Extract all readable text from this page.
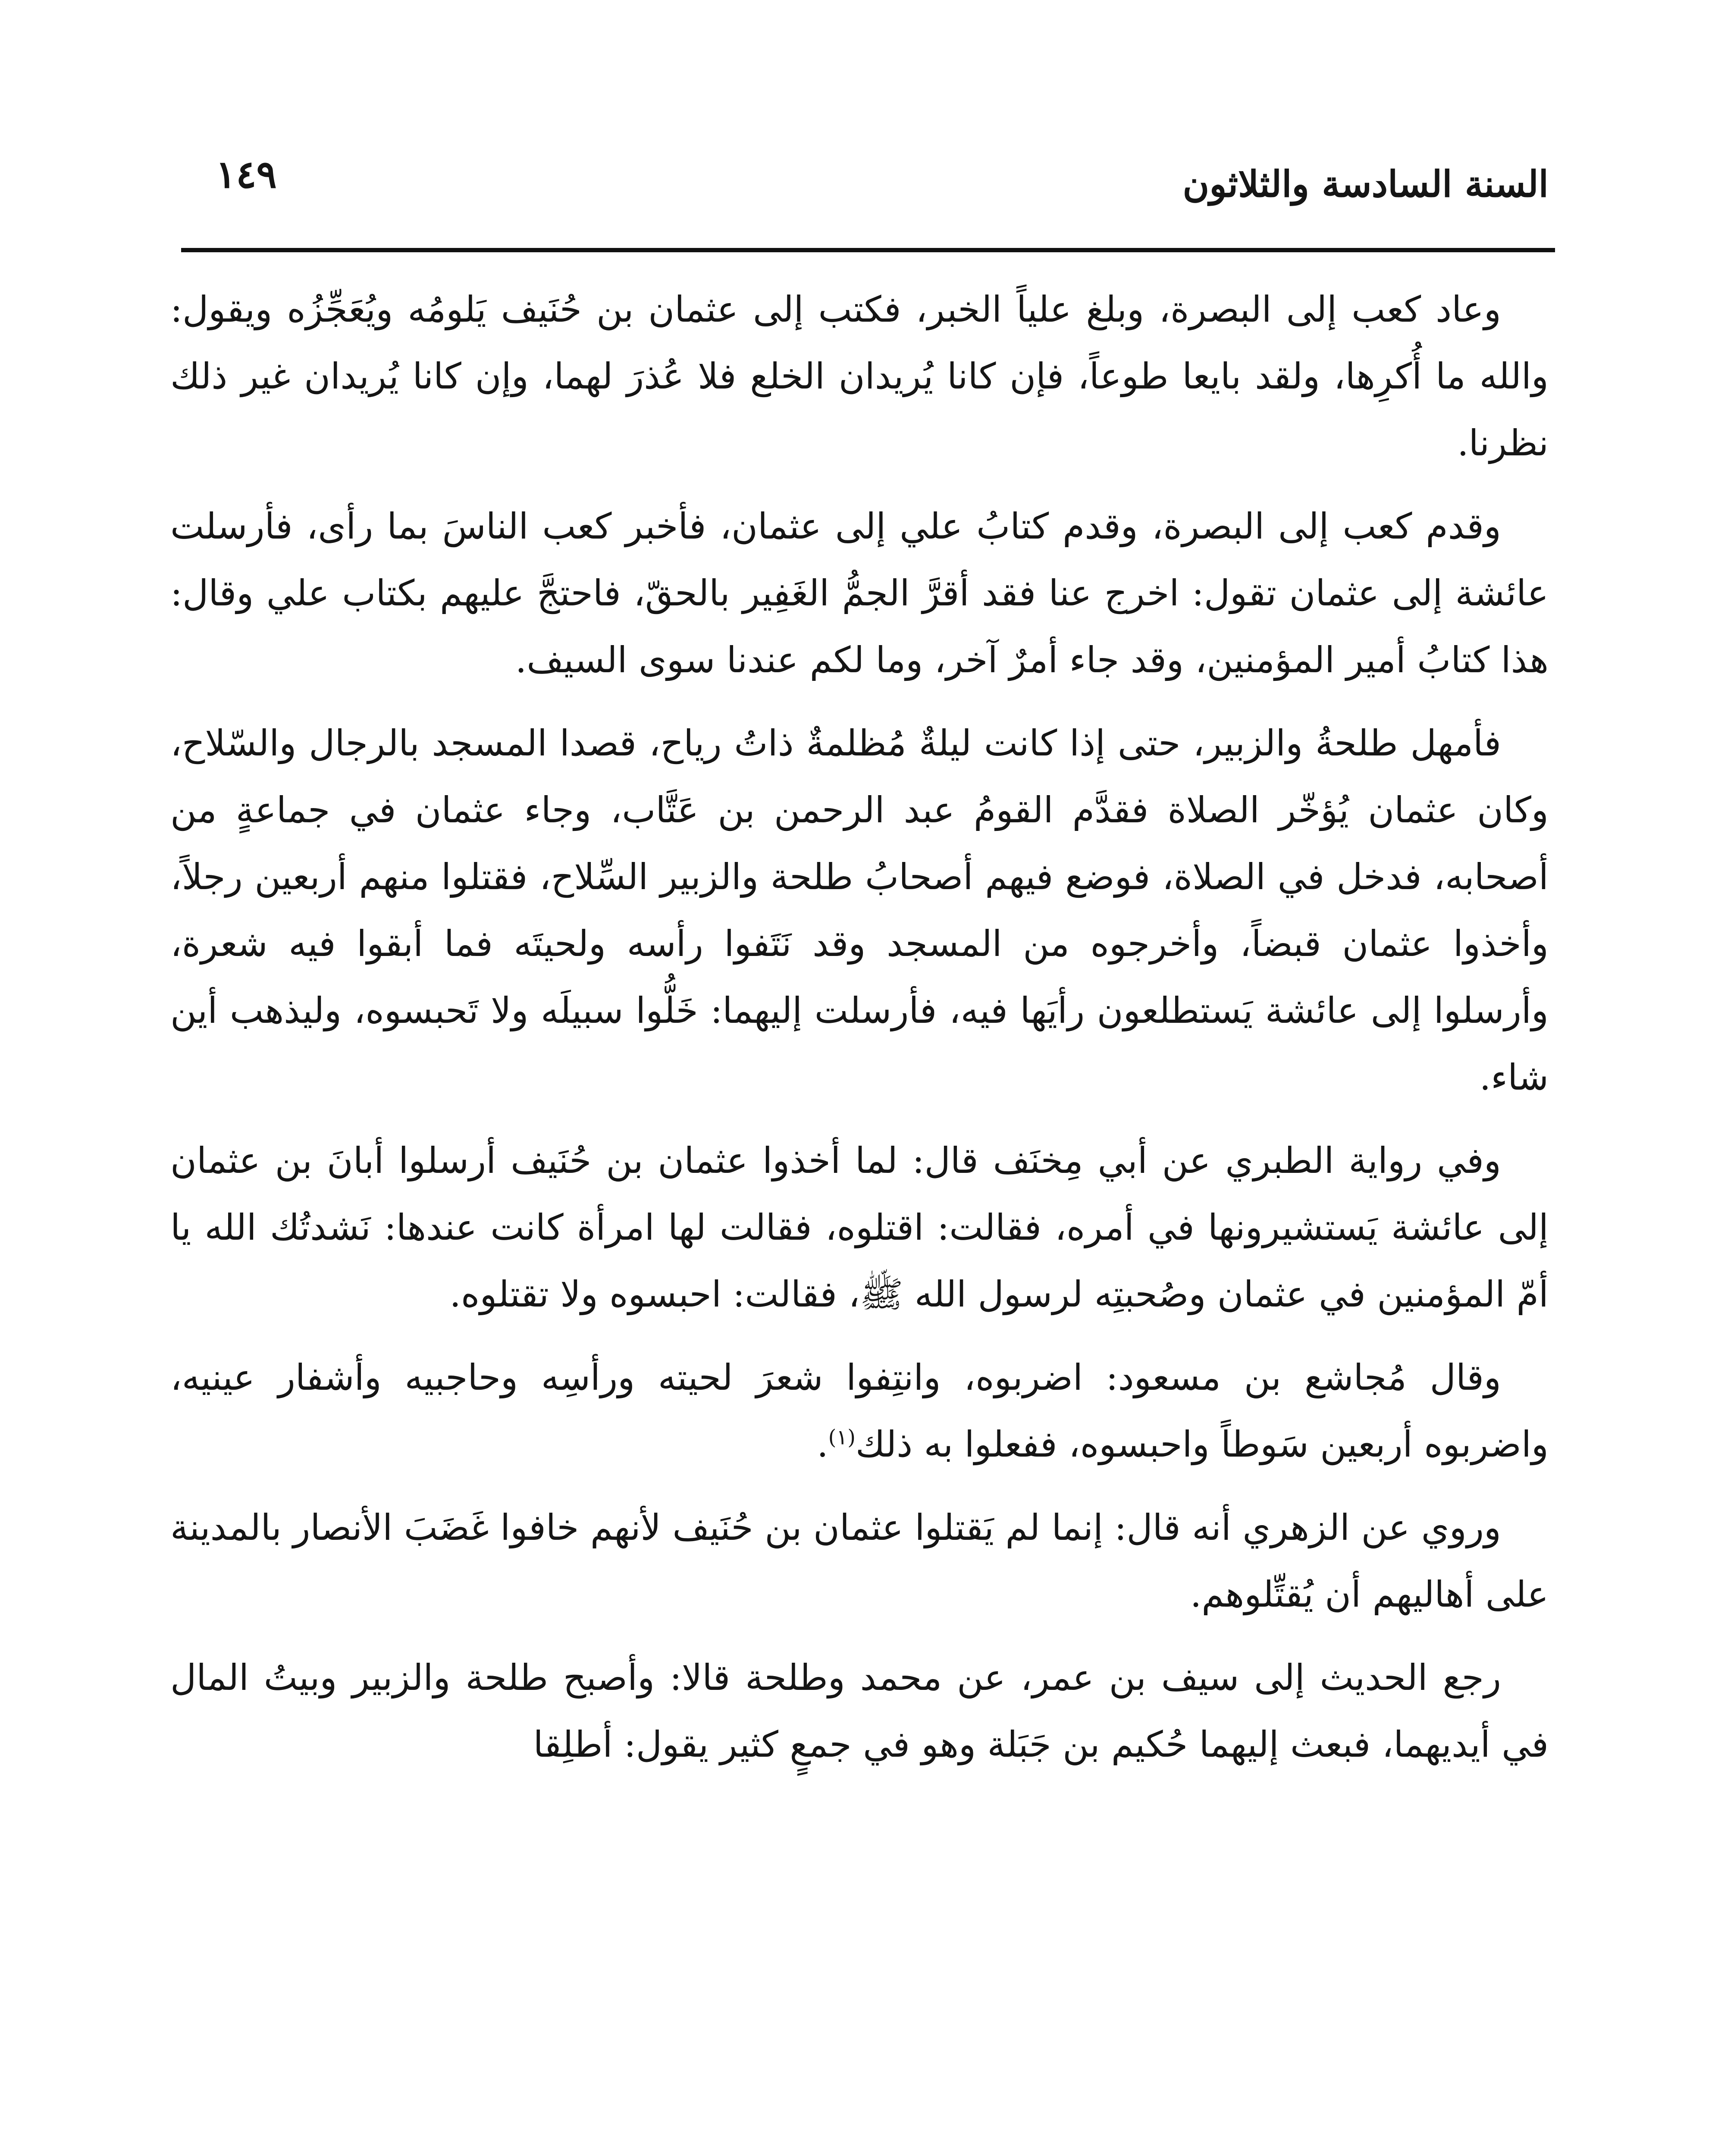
السنة السادسة والثلاثون
١٤٩

وعاد كعب إلى البصرة، وبلغ علياً الخبر، فكتب إلى عثمان بن حُنَيف يَلومُه ويُعَجِّزُه ويقول: والله ما أُكرِها، ولقد بايعا طوعاً، فإن كانا يُريدان الخلع فلا عُذرَ لهما، وإن كانا يُريدان غير ذلك نظرنا.

وقدم كعب إلى البصرة، وقدم كتابُ علي إلى عثمان، فأخبر كعب الناسَ بما رأى، فأرسلت عائشة إلى عثمان تقول: اخرج عنا فقد أقرَّ الجمُّ الغَفِير بالحقّ، فاحتجَّ عليهم بكتاب علي وقال: هذا كتابُ أمير المؤمنين، وقد جاء أمرٌ آخر، وما لكم عندنا سوى السيف.

فأمهل طلحةُ والزبير، حتى إذا كانت ليلةٌ مُظلمةٌ ذاتُ رياح، قصدا المسجد بالرجال والسّلاح، وكان عثمان يُؤخّر الصلاة فقدَّم القومُ عبد الرحمن بن عَتَّاب، وجاء عثمان في جماعةٍ من أصحابه، فدخل في الصلاة، فوضع فيهم أصحابُ طلحة والزبير السِّلاح، فقتلوا منهم أربعين رجلاً، وأخذوا عثمان قبضاً، وأخرجوه من المسجد وقد نَتَفوا رأسه ولحيتَه فما أبقوا فيه شعرة، وأرسلوا إلى عائشة يَستطلعون رأيَها فيه، فأرسلت إليهما: خَلُّوا سبيلَه ولا تَحبسوه، وليذهب أين شاء.

وفي رواية الطبري عن أبي مِخنَف قال: لما أخذوا عثمان بن حُنَيف أرسلوا أبانَ بن عثمان إلى عائشة يَستشيرونها في أمره، فقالت: اقتلوه، فقالت لها امرأة كانت عندها: نَشدتُك الله يا أمّ المؤمنين في عثمان وصُحبتِه لرسول الله ﷺ، فقالت: احبسوه ولا تقتلوه.

وقال مُجاشع بن مسعود: اضربوه، وانتِفوا شعرَ لحيته ورأسِه وحاجبيه وأشفار عينيه، واضربوه أربعين سَوطاً واحبسوه، ففعلوا به ذلك$^{(١)}$.

وروي عن الزهري أنه قال: إنما لم يَقتلوا عثمان بن حُنَيف لأنهم خافوا غَضَبَ الأنصار بالمدينة على أهاليهم أن يُقتِّلوهم.

رجع الحديث إلى سيف بن عمر، عن محمد وطلحة قالا: وأصبح طلحة والزبير وبيتُ المال في أيديهما، فبعث إليهما حُكيم بن جَبَلة وهو في جمعٍ كثير يقول: أطلِقا
